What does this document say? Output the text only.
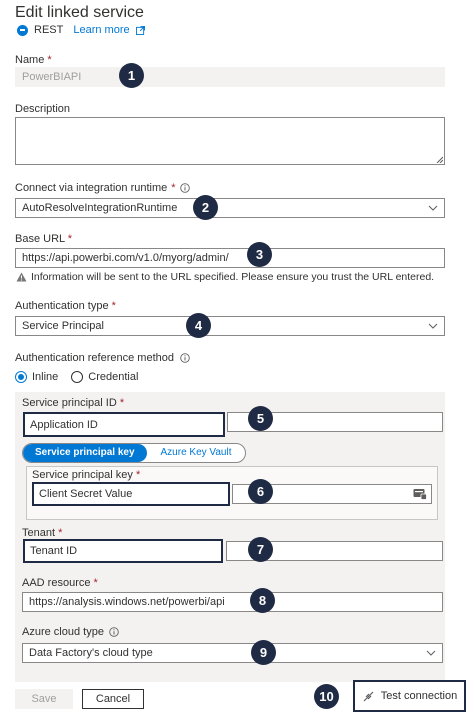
Edit linked service
REST Learn more
Name *
PowerBIAPI	1
Description
Connect via integration runtime *
AutoResolveIntegrationRuntime	2
Base URL *
https://api.powerbi.com/v1.0/myorg/admin/	3
Information will be sent to the URL specified. Please ensure you trust the URL entered.
Authentication type *
Service Principal	4
Authentication reference method
Inline	Credential
Service principal ID *
Application ID	5
Service principal key	Azure Key Vault
Service principal key *
Client Secret Value	6
Tenant *
Tenant ID	7
AAD resource *
https://analysis.windows.net/powerbi/api	8
Azure cloud type
Data Factory's cloud type	9
Save	Cancel	10	Test connection
